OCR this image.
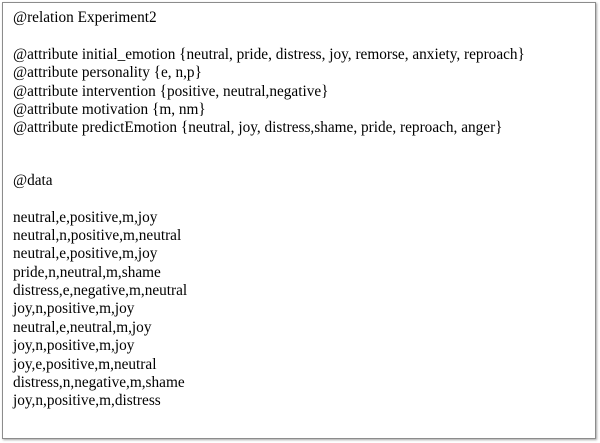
@relation Experiment2
@attribute initial_emotion {neutral, pride, distress, joy, remorse, anxiety, reproach}
@attribute personality {e, n,p}
@attribute intervention {positive, neutral,negative}
@attribute motivation {m, nm}
@attribute predictEmotion {neutral, joy, distress,shame, pride, reproach, anger}
@data
neutral,e,positive,m,joy
neutral,n,positive,m,neutral
neutral,e,positive,m,joy
pride,n,neutral,m,shame
distress,e,negative,m,neutral
joy,n,positive,m,joy
neutral,e,neutral,m,joy
joy,n,positive,m,joy
joy,e,positive,m,neutral
distress,n,negative,m,shame
joy,n,positive,m,distress
